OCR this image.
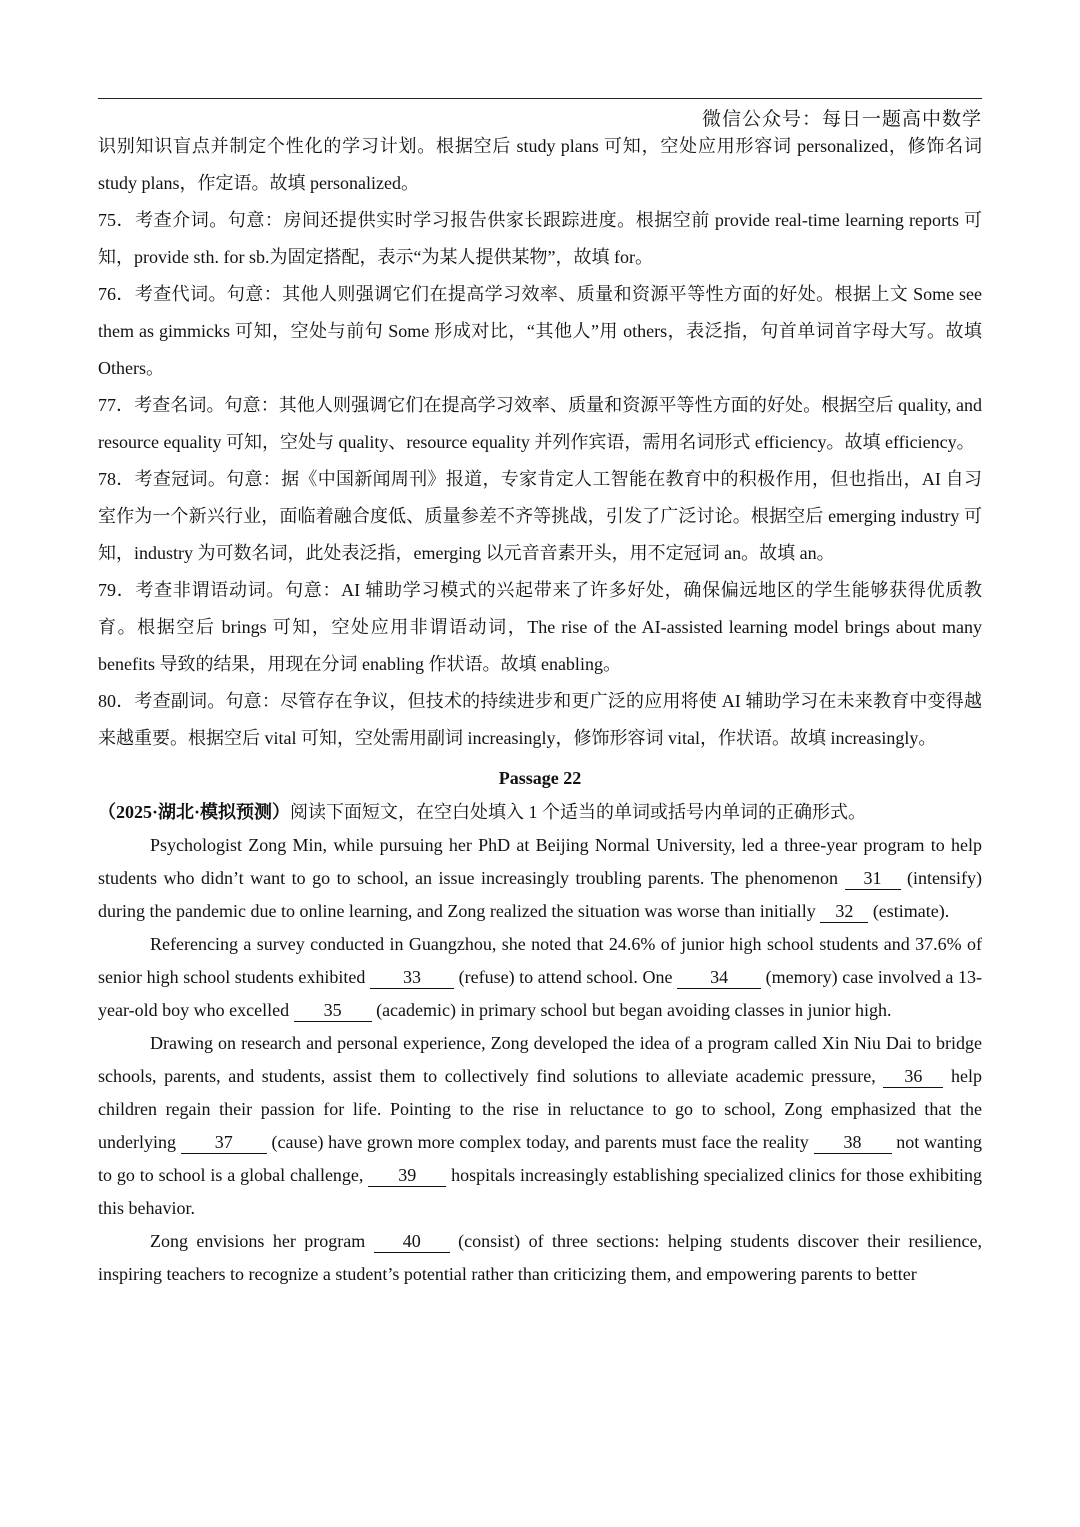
微信公众号：每日一题高中数学

识别知识盲点并制定个性化的学习计划。根据空后 study plans 可知，空处应用形容词 personalized，修饰名词 study plans，作定语。故填 personalized。

75．考查介词。句意：房间还提供实时学习报告供家长跟踪进度。根据空前 provide real-time learning reports 可知，provide sth. for sb.为固定搭配，表示“为某人提供某物”，故填 for。

76．考查代词。句意：其他人则强调它们在提高学习效率、质量和资源平等性方面的好处。根据上文 Some see them as gimmicks 可知，空处与前句 Some 形成对比，“其他人”用 others，表泛指，句首单词首字母大写。故填 Others。

77．考查名词。句意：其他人则强调它们在提高学习效率、质量和资源平等性方面的好处。根据空后 quality, and resource equality 可知，空处与 quality、resource equality 并列作宾语，需用名词形式 efficiency。故填 efficiency。

78．考查冠词。句意：据《中国新闻周刊》报道，专家肯定人工智能在教育中的积极作用，但也指出，AI 自习室作为一个新兴行业，面临着融合度低、质量参差不齐等挑战，引发了广泛讨论。根据空后 emerging industry 可知，industry 为可数名词，此处表泛指，emerging 以元音音素开头，用不定冠词 an。故填 an。

79．考查非谓语动词。句意：AI 辅助学习模式的兴起带来了许多好处，确保偏远地区的学生能够获得优质教育。根据空后 brings 可知，空处应用非谓语动词，The rise of the AI-assisted learning model brings about many benefits 导致的结果，用现在分词 enabling 作状语。故填 enabling。

80．考查副词。句意：尽管存在争议，但技术的持续进步和更广泛的应用将使 AI 辅助学习在未来教育中变得越来越重要。根据空后 vital 可知，空处需用副词 increasingly，修饰形容词 vital，作状语。故填 increasingly。

Passage 22

（2025·湖北·模拟预测）阅读下面短文，在空白处填入 1 个适当的单词或括号内单词的正确形式。

Psychologist Zong Min, while pursuing her PhD at Beijing Normal University, led a three-year program to help students who didn’t want to go to school, an issue increasingly troubling parents. The phenomenon 31 (intensify) during the pandemic due to online learning, and Zong realized the situation was worse than initially 32 (estimate).

Referencing a survey conducted in Guangzhou, she noted that 24.6% of junior high school students and 37.6% of senior high school students exhibited 33 (refuse) to attend school. One 34 (memory) case involved a 13-year-old boy who excelled 35 (academic) in primary school but began avoiding classes in junior high.

Drawing on research and personal experience, Zong developed the idea of a program called Xin Niu Dai to bridge schools, parents, and students, assist them to collectively find solutions to alleviate academic pressure, 36 help children regain their passion for life. Pointing to the rise in reluctance to go to school, Zong emphasized that the underlying 37 (cause) have grown more complex today, and parents must face the reality 38 not wanting to go to school is a global challenge, 39 hospitals increasingly establishing specialized clinics for those exhibiting this behavior.

Zong envisions her program 40 (consist) of three sections: helping students discover their resilience, inspiring teachers to recognize a student’s potential rather than criticizing them, and empowering parents to better
